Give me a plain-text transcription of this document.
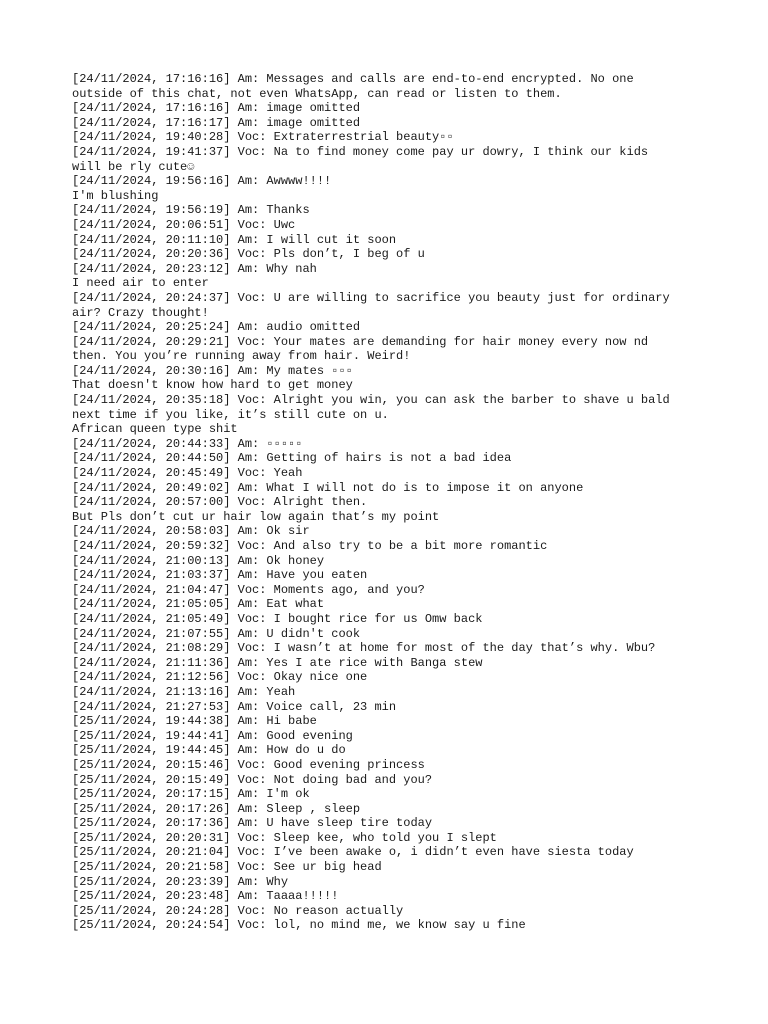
[24/11/2024, 17:16:16] Am: Messages and calls are end-to-end encrypted. No one
outside of this chat, not even WhatsApp, can read or listen to them.
[24/11/2024, 17:16:16] Am: image omitted
[24/11/2024, 17:16:17] Am: image omitted
[24/11/2024, 19:40:28] Voc: Extraterrestrial beauty▫▫
[24/11/2024, 19:41:37] Voc: Na to find money come pay ur dowry, I think our kids
will be rly cute☺
[24/11/2024, 19:56:16] Am: Awwww!!!!
I'm blushing
[24/11/2024, 19:56:19] Am: Thanks
[24/11/2024, 20:06:51] Voc: Uwc
[24/11/2024, 20:11:10] Am: I will cut it soon
[24/11/2024, 20:20:36] Voc: Pls don’t, I beg of u
[24/11/2024, 20:23:12] Am: Why nah
I need air to enter
[24/11/2024, 20:24:37] Voc: U are willing to sacrifice you beauty just for ordinary
air? Crazy thought!
[24/11/2024, 20:25:24] Am: audio omitted
[24/11/2024, 20:29:21] Voc: Your mates are demanding for hair money every now nd
then. You you’re running away from hair. Weird!
[24/11/2024, 20:30:16] Am: My mates ▫▫▫
That doesn't know how hard to get money
[24/11/2024, 20:35:18] Voc: Alright you win, you can ask the barber to shave u bald
next time if you like, it’s still cute on u.
African queen type shit
[24/11/2024, 20:44:33] Am: ▫▫▫▫▫
[24/11/2024, 20:44:50] Am: Getting of hairs is not a bad idea
[24/11/2024, 20:45:49] Voc: Yeah
[24/11/2024, 20:49:02] Am: What I will not do is to impose it on anyone
[24/11/2024, 20:57:00] Voc: Alright then.
But Pls don’t cut ur hair low again that’s my point
[24/11/2024, 20:58:03] Am: Ok sir
[24/11/2024, 20:59:32] Voc: And also try to be a bit more romantic
[24/11/2024, 21:00:13] Am: Ok honey
[24/11/2024, 21:03:37] Am: Have you eaten
[24/11/2024, 21:04:47] Voc: Moments ago, and you?
[24/11/2024, 21:05:05] Am: Eat what
[24/11/2024, 21:05:49] Voc: I bought rice for us Omw back
[24/11/2024, 21:07:55] Am: U didn't cook
[24/11/2024, 21:08:29] Voc: I wasn’t at home for most of the day that’s why. Wbu?
[24/11/2024, 21:11:36] Am: Yes I ate rice with Banga stew
[24/11/2024, 21:12:56] Voc: Okay nice one
[24/11/2024, 21:13:16] Am: Yeah
[24/11/2024, 21:27:53] Am: Voice call, 23 min
[25/11/2024, 19:44:38] Am: Hi babe
[25/11/2024, 19:44:41] Am: Good evening
[25/11/2024, 19:44:45] Am: How do u do
[25/11/2024, 20:15:46] Voc: Good evening princess
[25/11/2024, 20:15:49] Voc: Not doing bad and you?
[25/11/2024, 20:17:15] Am: I'm ok
[25/11/2024, 20:17:26] Am: Sleep , sleep
[25/11/2024, 20:17:36] Am: U have sleep tire today
[25/11/2024, 20:20:31] Voc: Sleep kee, who told you I slept
[25/11/2024, 20:21:04] Voc: I’ve been awake o, i didn’t even have siesta today
[25/11/2024, 20:21:58] Voc: See ur big head
[25/11/2024, 20:23:39] Am: Why
[25/11/2024, 20:23:48] Am: Taaaa!!!!!
[25/11/2024, 20:24:28] Voc: No reason actually
[25/11/2024, 20:24:54] Voc: lol, no mind me, we know say u fine
